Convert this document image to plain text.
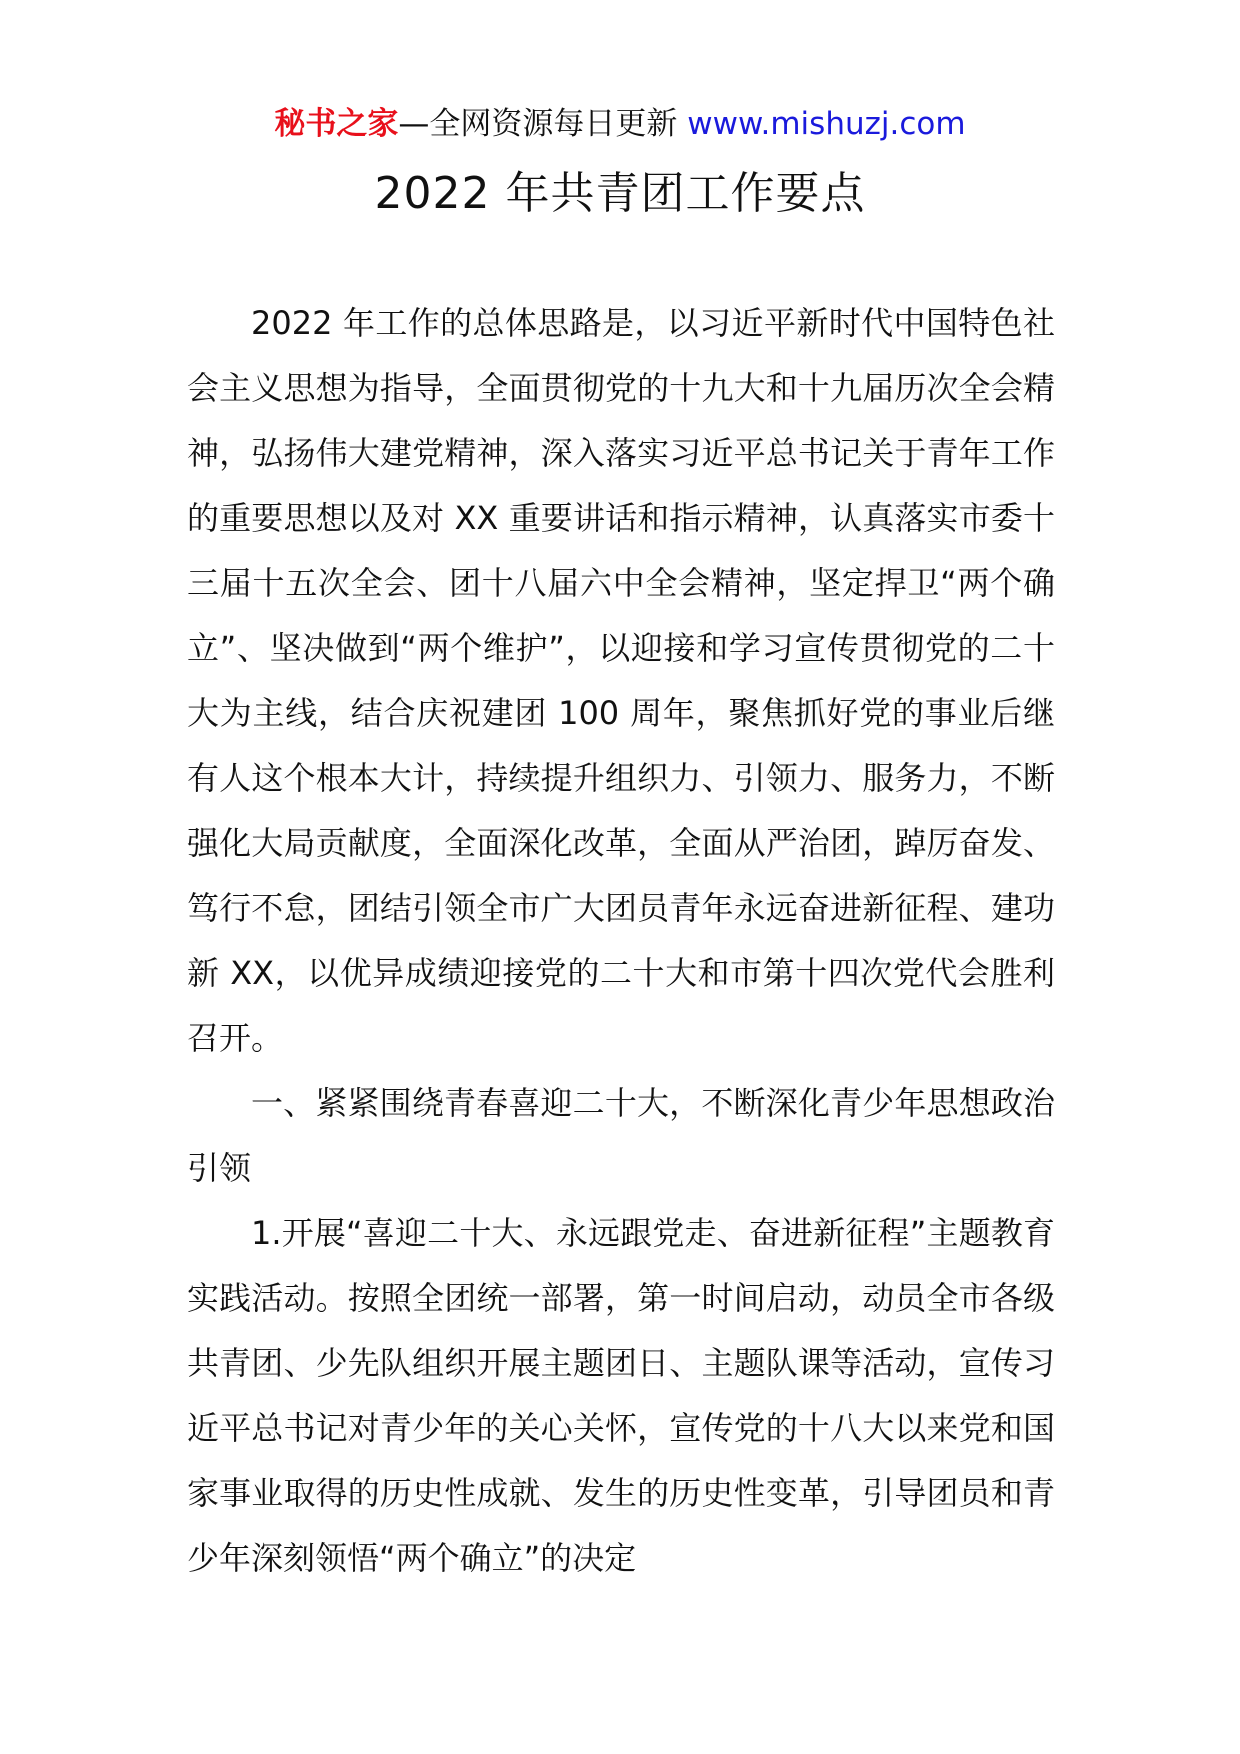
秘书之家—全网资源每日更新 www.mishuzj.com
2022 年共青团工作要点

2022 年工作的总体思路是，以习近平新时代中国特色社会主义思想为指导，全面贯彻党的十九大和十九届历次全会精神，弘扬伟大建党精神，深入落实习近平总书记关于青年工作的重要思想以及对 XX 重要讲话和指示精神，认真落实市委十三届十五次全会、团十八届六中全会精神，坚定捍卫“两个确立”、坚决做到“两个维护”，以迎接和学习宣传贯彻党的二十大为主线，结合庆祝建团 100 周年，聚焦抓好党的事业后继有人这个根本大计，持续提升组织力、引领力、服务力，不断强化大局贡献度，全面深化改革，全面从严治团，踔厉奋发、笃行不怠，团结引领全市广大团员青年永远奋进新征程、建功新 XX，以优异成绩迎接党的二十大和市第十四次党代会胜利召开。

一、紧紧围绕青春喜迎二十大，不断深化青少年思想政治引领

1.开展“喜迎二十大、永远跟党走、奋进新征程”主题教育实践活动。按照全团统一部署，第一时间启动，动员全市各级共青团、少先队组织开展主题团日、主题队课等活动，宣传习近平总书记对青少年的关心关怀，宣传党的十八大以来党和国家事业取得的历史性成就、发生的历史性变革，引导团员和青少年深刻领悟“两个确立”的决定
